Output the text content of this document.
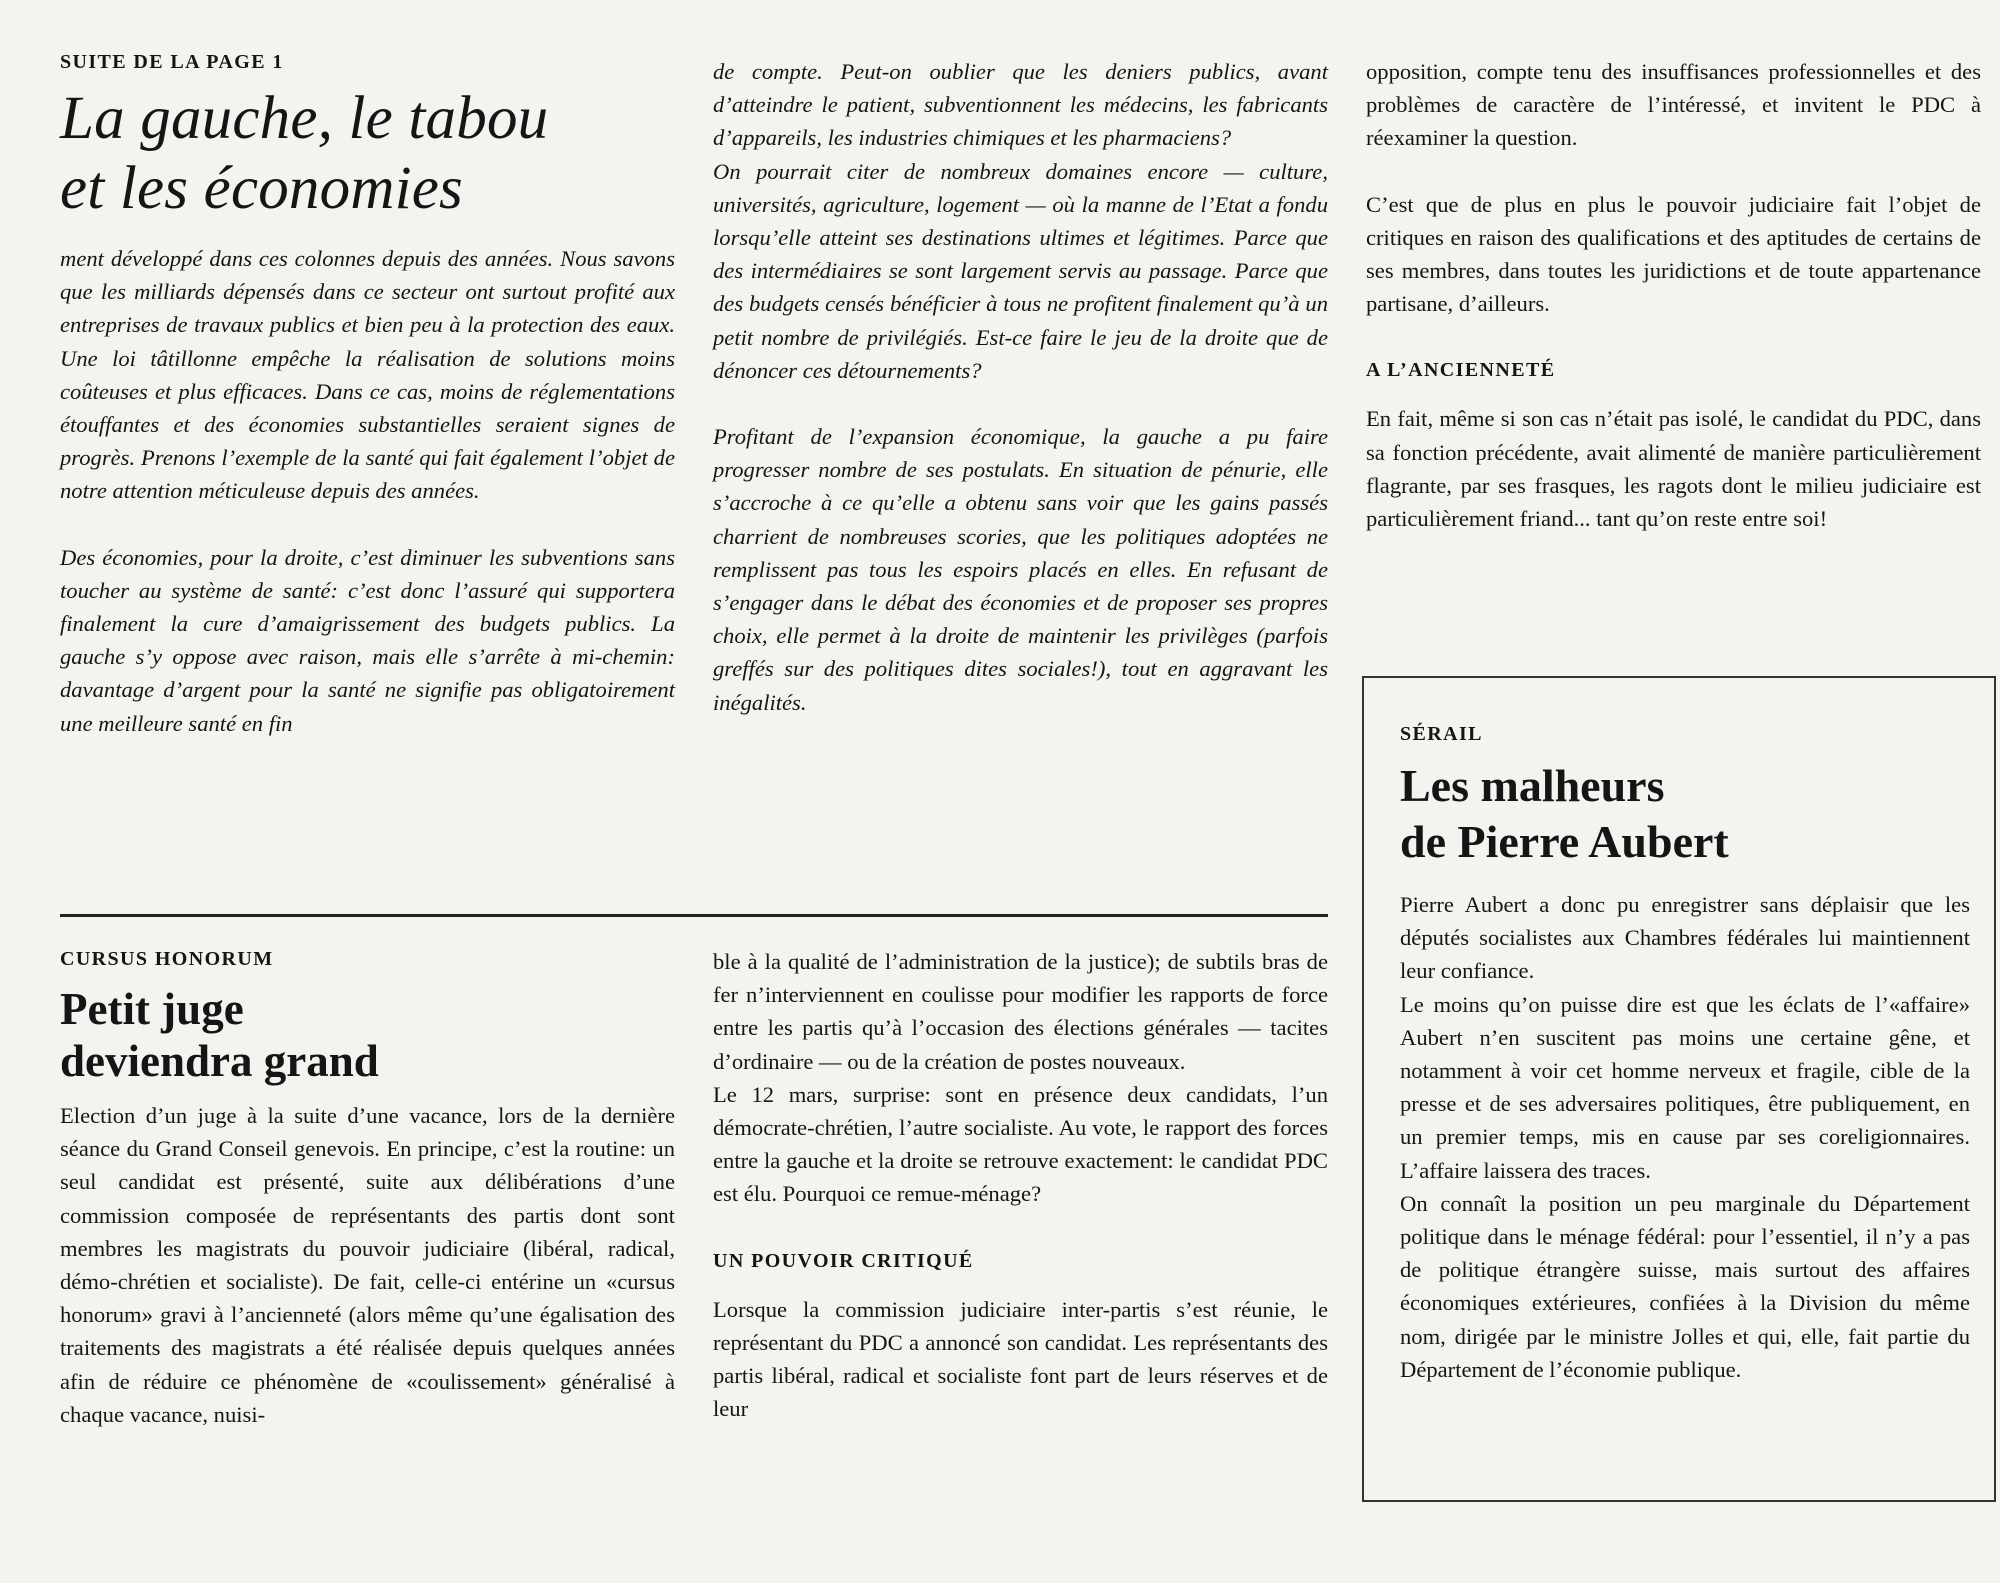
SUITE DE LA PAGE 1
La gauche, le tabou
et les économies

ment développé dans ces colonnes depuis des années. Nous savons que les milliards dépensés dans ce secteur ont surtout profité aux entreprises de travaux publics et bien peu à la protection des eaux. Une loi tâtillonne empêche la réalisation de solutions moins coûteuses et plus efficaces. Dans ce cas, moins de réglementations étouffantes et des économies substantielles seraient signes de progrès. Prenons l’exemple de la santé qui fait également l’objet de notre attention méticuleuse depuis des années.

Des économies, pour la droite, c’est diminuer les subventions sans toucher au système de santé: c’est donc l’assuré qui supportera finalement la cure d’amaigrissement des budgets publics. La gauche s’y oppose avec raison, mais elle s’arrête à mi-chemin: davantage d’argent pour la santé ne signifie pas obligatoirement une meilleure santé en fin

de compte. Peut-on oublier que les deniers publics, avant d’atteindre le patient, subventionnent les médecins, les fabricants d’appareils, les industries chimiques et les pharmaciens?

On pourrait citer de nombreux domaines encore — culture, universités, agriculture, logement — où la manne de l’Etat a fondu lorsqu’elle atteint ses destinations ultimes et légitimes. Parce que des intermédiaires se sont largement servis au passage. Parce que des budgets censés bénéficier à tous ne profitent finalement qu’à un petit nombre de privilégiés. Est-ce faire le jeu de la droite que de dénoncer ces détournements?

Profitant de l’expansion économique, la gauche a pu faire progresser nombre de ses postulats. En situation de pénurie, elle s’accroche à ce qu’elle a obtenu sans voir que les gains passés charrient de nombreuses scories, que les politiques adoptées ne remplissent pas tous les espoirs placés en elles. En refusant de s’engager dans le débat des économies et de proposer ses propres choix, elle permet à la droite de maintenir les privilèges (parfois greffés sur des politiques dites sociales!), tout en aggravant les inégalités.

CURSUS HONORUM
Petit juge
deviendra grand

Election d’un juge à la suite d’une vacance, lors de la dernière séance du Grand Conseil genevois. En principe, c’est la routine: un seul candidat est présenté, suite aux délibérations d’une commission composée de représentants des partis dont sont membres les magistrats du pouvoir judiciaire (libéral, radical, démo-chrétien et socialiste). De fait, celle-ci entérine un «cursus honorum» gravi à l’ancienneté (alors même qu’une égalisation des traitements des magistrats a été réalisée depuis quelques années afin de réduire ce phénomène de «coulissement» généralisé à chaque vacance, nuisi-

ble à la qualité de l’administration de la justice); de subtils bras de fer n’interviennent en coulisse pour modifier les rapports de force entre les partis qu’à l’occasion des élections générales — tacites d’ordinaire — ou de la création de postes nouveaux.

Le 12 mars, surprise: sont en présence deux candidats, l’un démocrate-chrétien, l’autre socialiste. Au vote, le rapport des forces entre la gauche et la droite se retrouve exactement: le candidat PDC est élu. Pourquoi ce remue-ménage?

UN POUVOIR CRITIQUÉ

Lorsque la commission judiciaire inter-partis s’est réunie, le représentant du PDC a annoncé son candidat. Les représentants des partis libéral, radical et socialiste font part de leurs réserves et de leur

opposition, compte tenu des insuffisances professionnelles et des problèmes de caractère de l’intéressé, et invitent le PDC à réexaminer la question.

C’est que de plus en plus le pouvoir judiciaire fait l’objet de critiques en raison des qualifications et des aptitudes de certains de ses membres, dans toutes les juridictions et de toute appartenance partisane, d’ailleurs.

A L’ANCIENNETÉ

En fait, même si son cas n’était pas isolé, le candidat du PDC, dans sa fonction précédente, avait alimenté de manière particulièrement flagrante, par ses frasques, les ragots dont le milieu judiciaire est particulièrement friand... tant qu’on reste entre soi!

SÉRAIL
Les malheurs
de Pierre Aubert

Pierre Aubert a donc pu enregistrer sans déplaisir que les députés socialistes aux Chambres fédérales lui maintiennent leur confiance.

Le moins qu’on puisse dire est que les éclats de l’«affaire» Aubert n’en suscitent pas moins une certaine gêne, et notamment à voir cet homme nerveux et fragile, cible de la presse et de ses adversaires politiques, être publiquement, en un premier temps, mis en cause par ses coreligionnaires. L’affaire laissera des traces.

On connaît la position un peu marginale du Département politique dans le ménage fédéral: pour l’essentiel, il n’y a pas de politique étrangère suisse, mais surtout des affaires économiques extérieures, confiées à la Division du même nom, dirigée par le ministre Jolles et qui, elle, fait partie du Département de l’économie publique.
